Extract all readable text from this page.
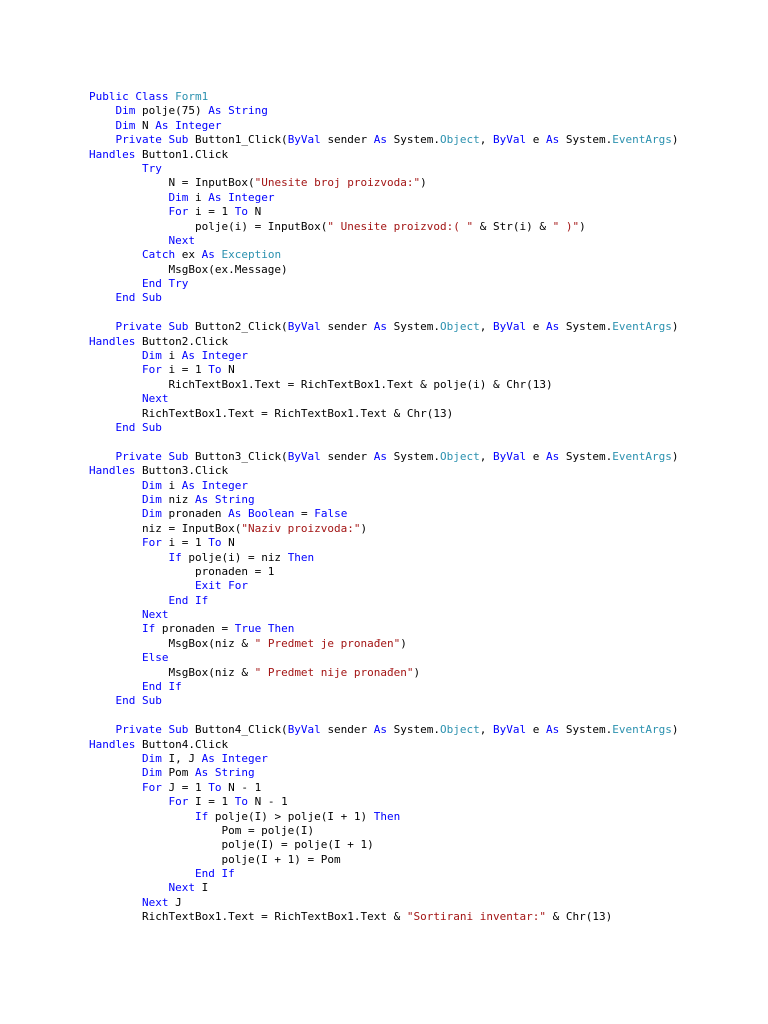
Public Class Form1
Dim polje(75) As String
Dim N As Integer
Private Sub Button1_Click(ByVal sender As System.Object, ByVal e As System.EventArgs)
Handles Button1.Click
Try
N = InputBox("Unesite broj proizvoda:")
Dim i As Integer
For i = 1 To N
polje(i) = InputBox(" Unesite proizvod:( " & Str(i) & " )")
Next
Catch ex As Exception
MsgBox(ex.Message)
End Try
End Sub
Private Sub Button2_Click(ByVal sender As System.Object, ByVal e As System.EventArgs)
Handles Button2.Click
Dim i As Integer
For i = 1 To N
RichTextBox1.Text = RichTextBox1.Text & polje(i) & Chr(13)
Next
RichTextBox1.Text = RichTextBox1.Text & Chr(13)
End Sub
Private Sub Button3_Click(ByVal sender As System.Object, ByVal e As System.EventArgs)
Handles Button3.Click
Dim i As Integer
Dim niz As String
Dim pronaden As Boolean = False
niz = InputBox("Naziv proizvoda:")
For i = 1 To N
If polje(i) = niz Then
pronaden = 1
Exit For
End If
Next
If pronaden = True Then
MsgBox(niz & " Predmet je pronađen")
Else
MsgBox(niz & " Predmet nije pronađen")
End If
End Sub
Private Sub Button4_Click(ByVal sender As System.Object, ByVal e As System.EventArgs)
Handles Button4.Click
Dim I, J As Integer
Dim Pom As String
For J = 1 To N - 1
For I = 1 To N - 1
If polje(I) > polje(I + 1) Then
Pom = polje(I)
polje(I) = polje(I + 1)
polje(I + 1) = Pom
End If
Next I
Next J
RichTextBox1.Text = RichTextBox1.Text & "Sortirani inventar:" & Chr(13)
